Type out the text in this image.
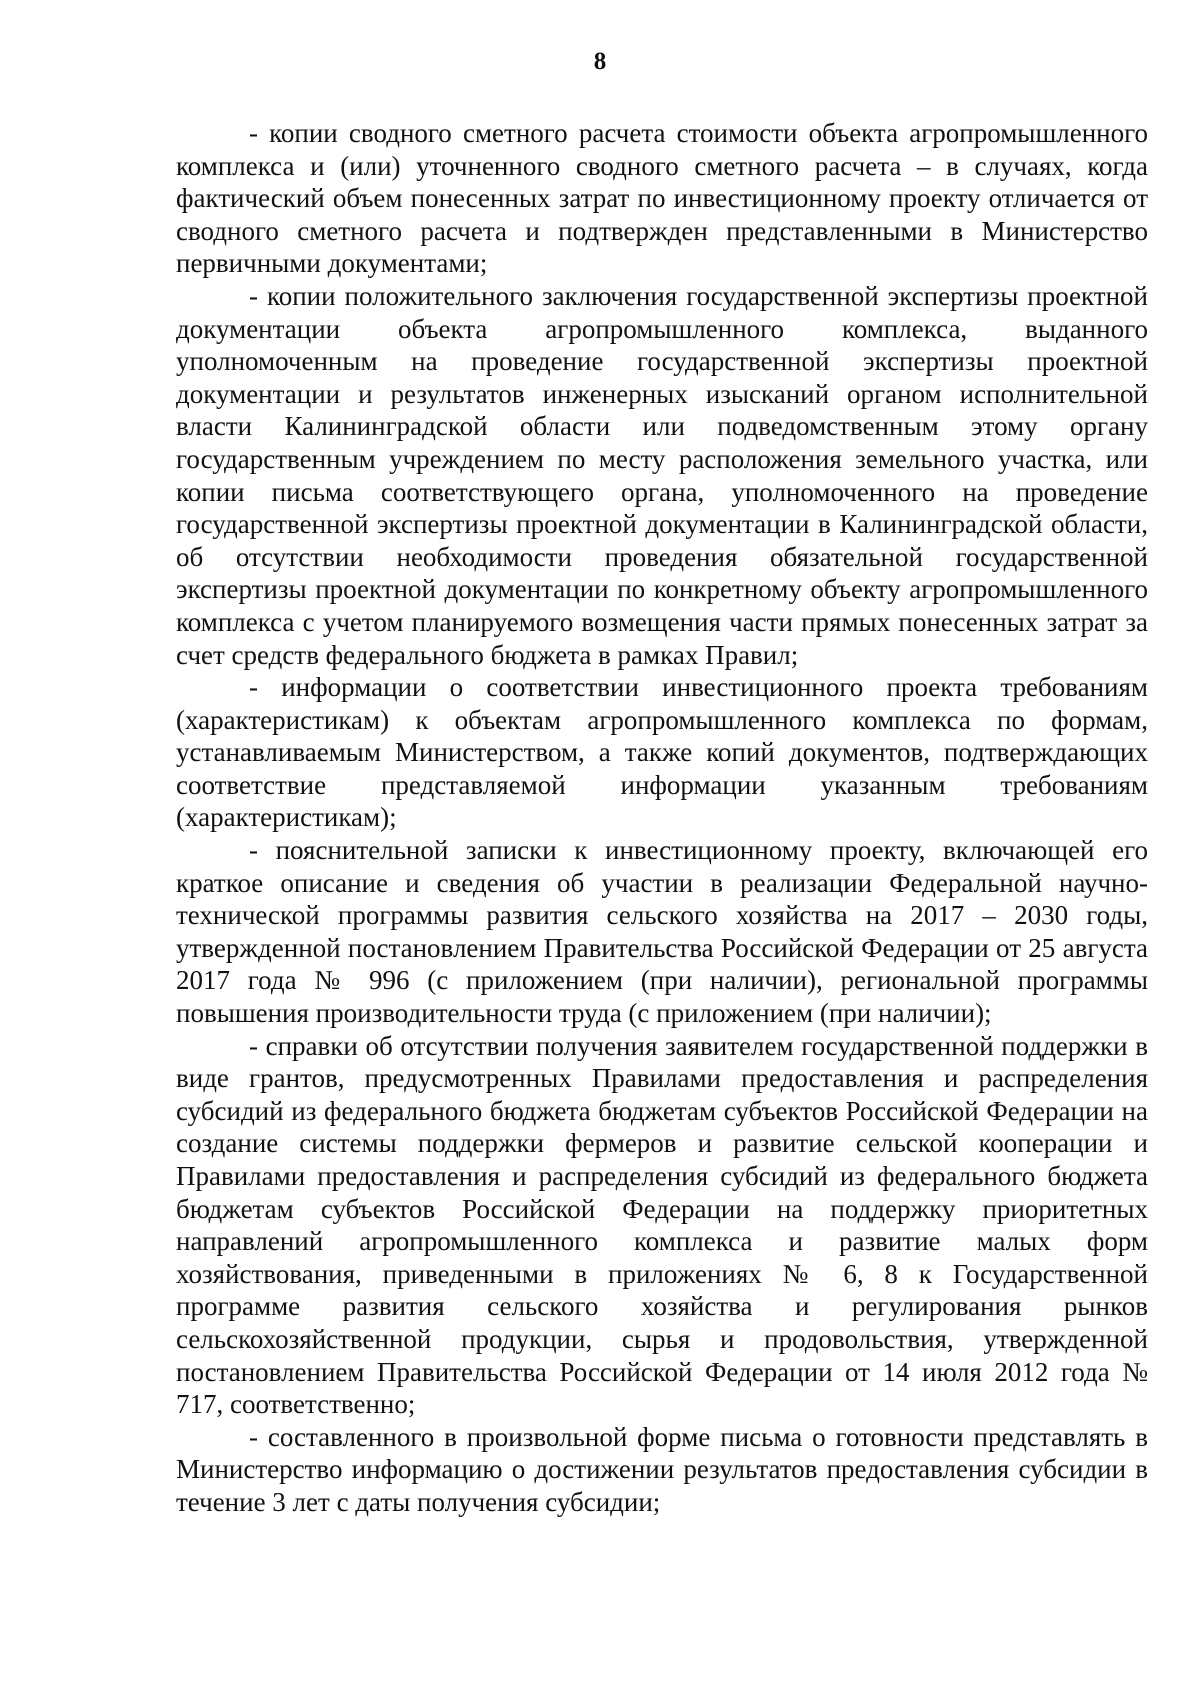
8

- копии сводного сметного расчета стоимости объекта агропромышленного комплекса и (или) уточненного сводного сметного расчета – в случаях, когда фактический объем понесенных затрат по инвестиционному проекту отличается от сводного сметного расчета и подтвержден представленными в Министерство первичными документами;

- копии положительного заключения государственной экспертизы проектной документации объекта агропромышленного комплекса, выданного уполномоченным на проведение государственной экспертизы проектной документации и результатов инженерных изысканий органом исполнительной власти Калининградской области или подведомственным этому органу государственным учреждением по месту расположения земельного участка, или копии письма соответствующего органа, уполномоченного на проведение государственной экспертизы проектной документации в Калининградской области, об отсутствии необходимости проведения обязательной государственной экспертизы проектной документации по конкретному объекту агропромышленного комплекса с учетом планируемого возмещения части прямых понесенных затрат за счет средств федерального бюджета в рамках Правил;

- информации о соответствии инвестиционного проекта требованиям (характеристикам) к объектам агропромышленного комплекса по формам, устанавливаемым Министерством, а также копий документов, подтверждающих соответствие представляемой информации указанным требованиям (характеристикам);

- пояснительной записки к инвестиционному проекту, включающей его краткое описание и сведения об участии в реализации Федеральной научно-технической программы развития сельского хозяйства на 2017 – 2030 годы, утвержденной постановлением Правительства Российской Федерации от 25 августа 2017 года № 996 (с приложением (при наличии), региональной программы повышения производительности труда (с приложением (при наличии);

- справки об отсутствии получения заявителем государственной поддержки в виде грантов, предусмотренных Правилами предоставления и распределения субсидий из федерального бюджета бюджетам субъектов Российской Федерации на создание системы поддержки фермеров и развитие сельской кооперации и Правилами предоставления и распределения субсидий из федерального бюджета бюджетам субъектов Российской Федерации на поддержку приоритетных направлений агропромышленного комплекса и развитие малых форм хозяйствования, приведенными в приложениях № 6, 8 к Государственной программе развития сельского хозяйства и регулирования рынков сельскохозяйственной продукции, сырья и продовольствия, утвержденной постановлением Правительства Российской Федерации от 14 июля 2012 года № 717, соответственно;

- составленного в произвольной форме письма о готовности представлять в Министерство информацию о достижении результатов предоставления субсидии в течение 3 лет с даты получения субсидии;
